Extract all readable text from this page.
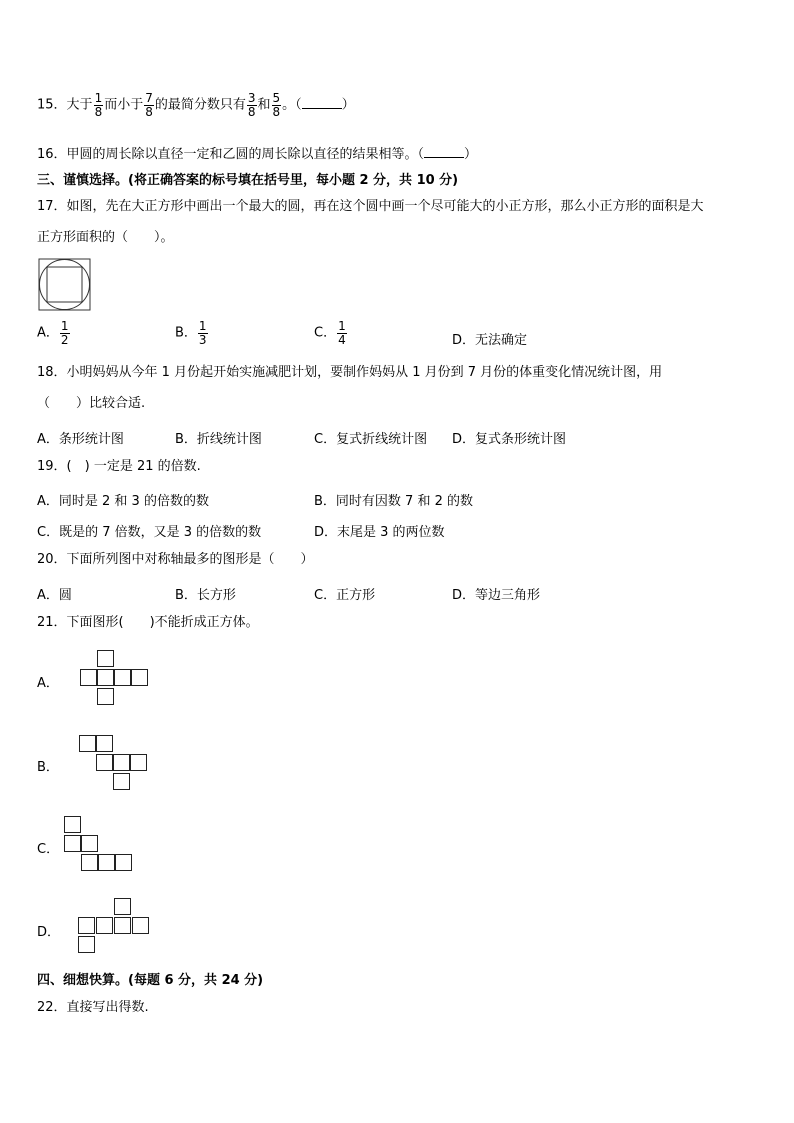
15．大于 $\frac{1}{8}$ 而小于 $\frac{7}{8}$ 的最简分数只有 $\frac{3}{8}$ 和 $\frac{5}{8}$ 。（	）
16．甲圆的周长除以直径一定和乙圆的周长除以直径的结果相等。（	）
三、谨慎选择。(将正确答案的标号填在括号里，每小题 2 分，共 10 分)
17．如图，先在大正方形中画出一个最大的圆，再在这个圆中画一个尽可能大的小正方形，那么小正方形的面积是大
正方形面积的（　　）。
A． $\frac{1}{2}$	B． $\frac{1}{3}$	C． $\frac{1}{4}$	D．无法确定
18．小明妈妈从今年 1 月份起开始实施减肥计划，要制作妈妈从 1 月份到 7 月份的体重变化情况统计图，用
（　　）比较合适.
A．条形统计图	B．折线统计图	C．复式折线统计图 D．复式条形统计图
19．(　) 一定是 21 的倍数.
A．同时是 2 和 3 的倍数的数	B．同时有因数 7 和 2 的数
C．既是的 7 倍数，又是 3 的倍数的数	D．末尾是 3 的两位数
20．下面所列图中对称轴最多的图形是（　　）
A．圆	B．长方形	C．正方形	D．等边三角形
21．下面图形(　　)不能折成正方体。
A．
B．
C．
D．
四、细想快算。(每题 6 分，共 24 分)
22．直接写出得数.
